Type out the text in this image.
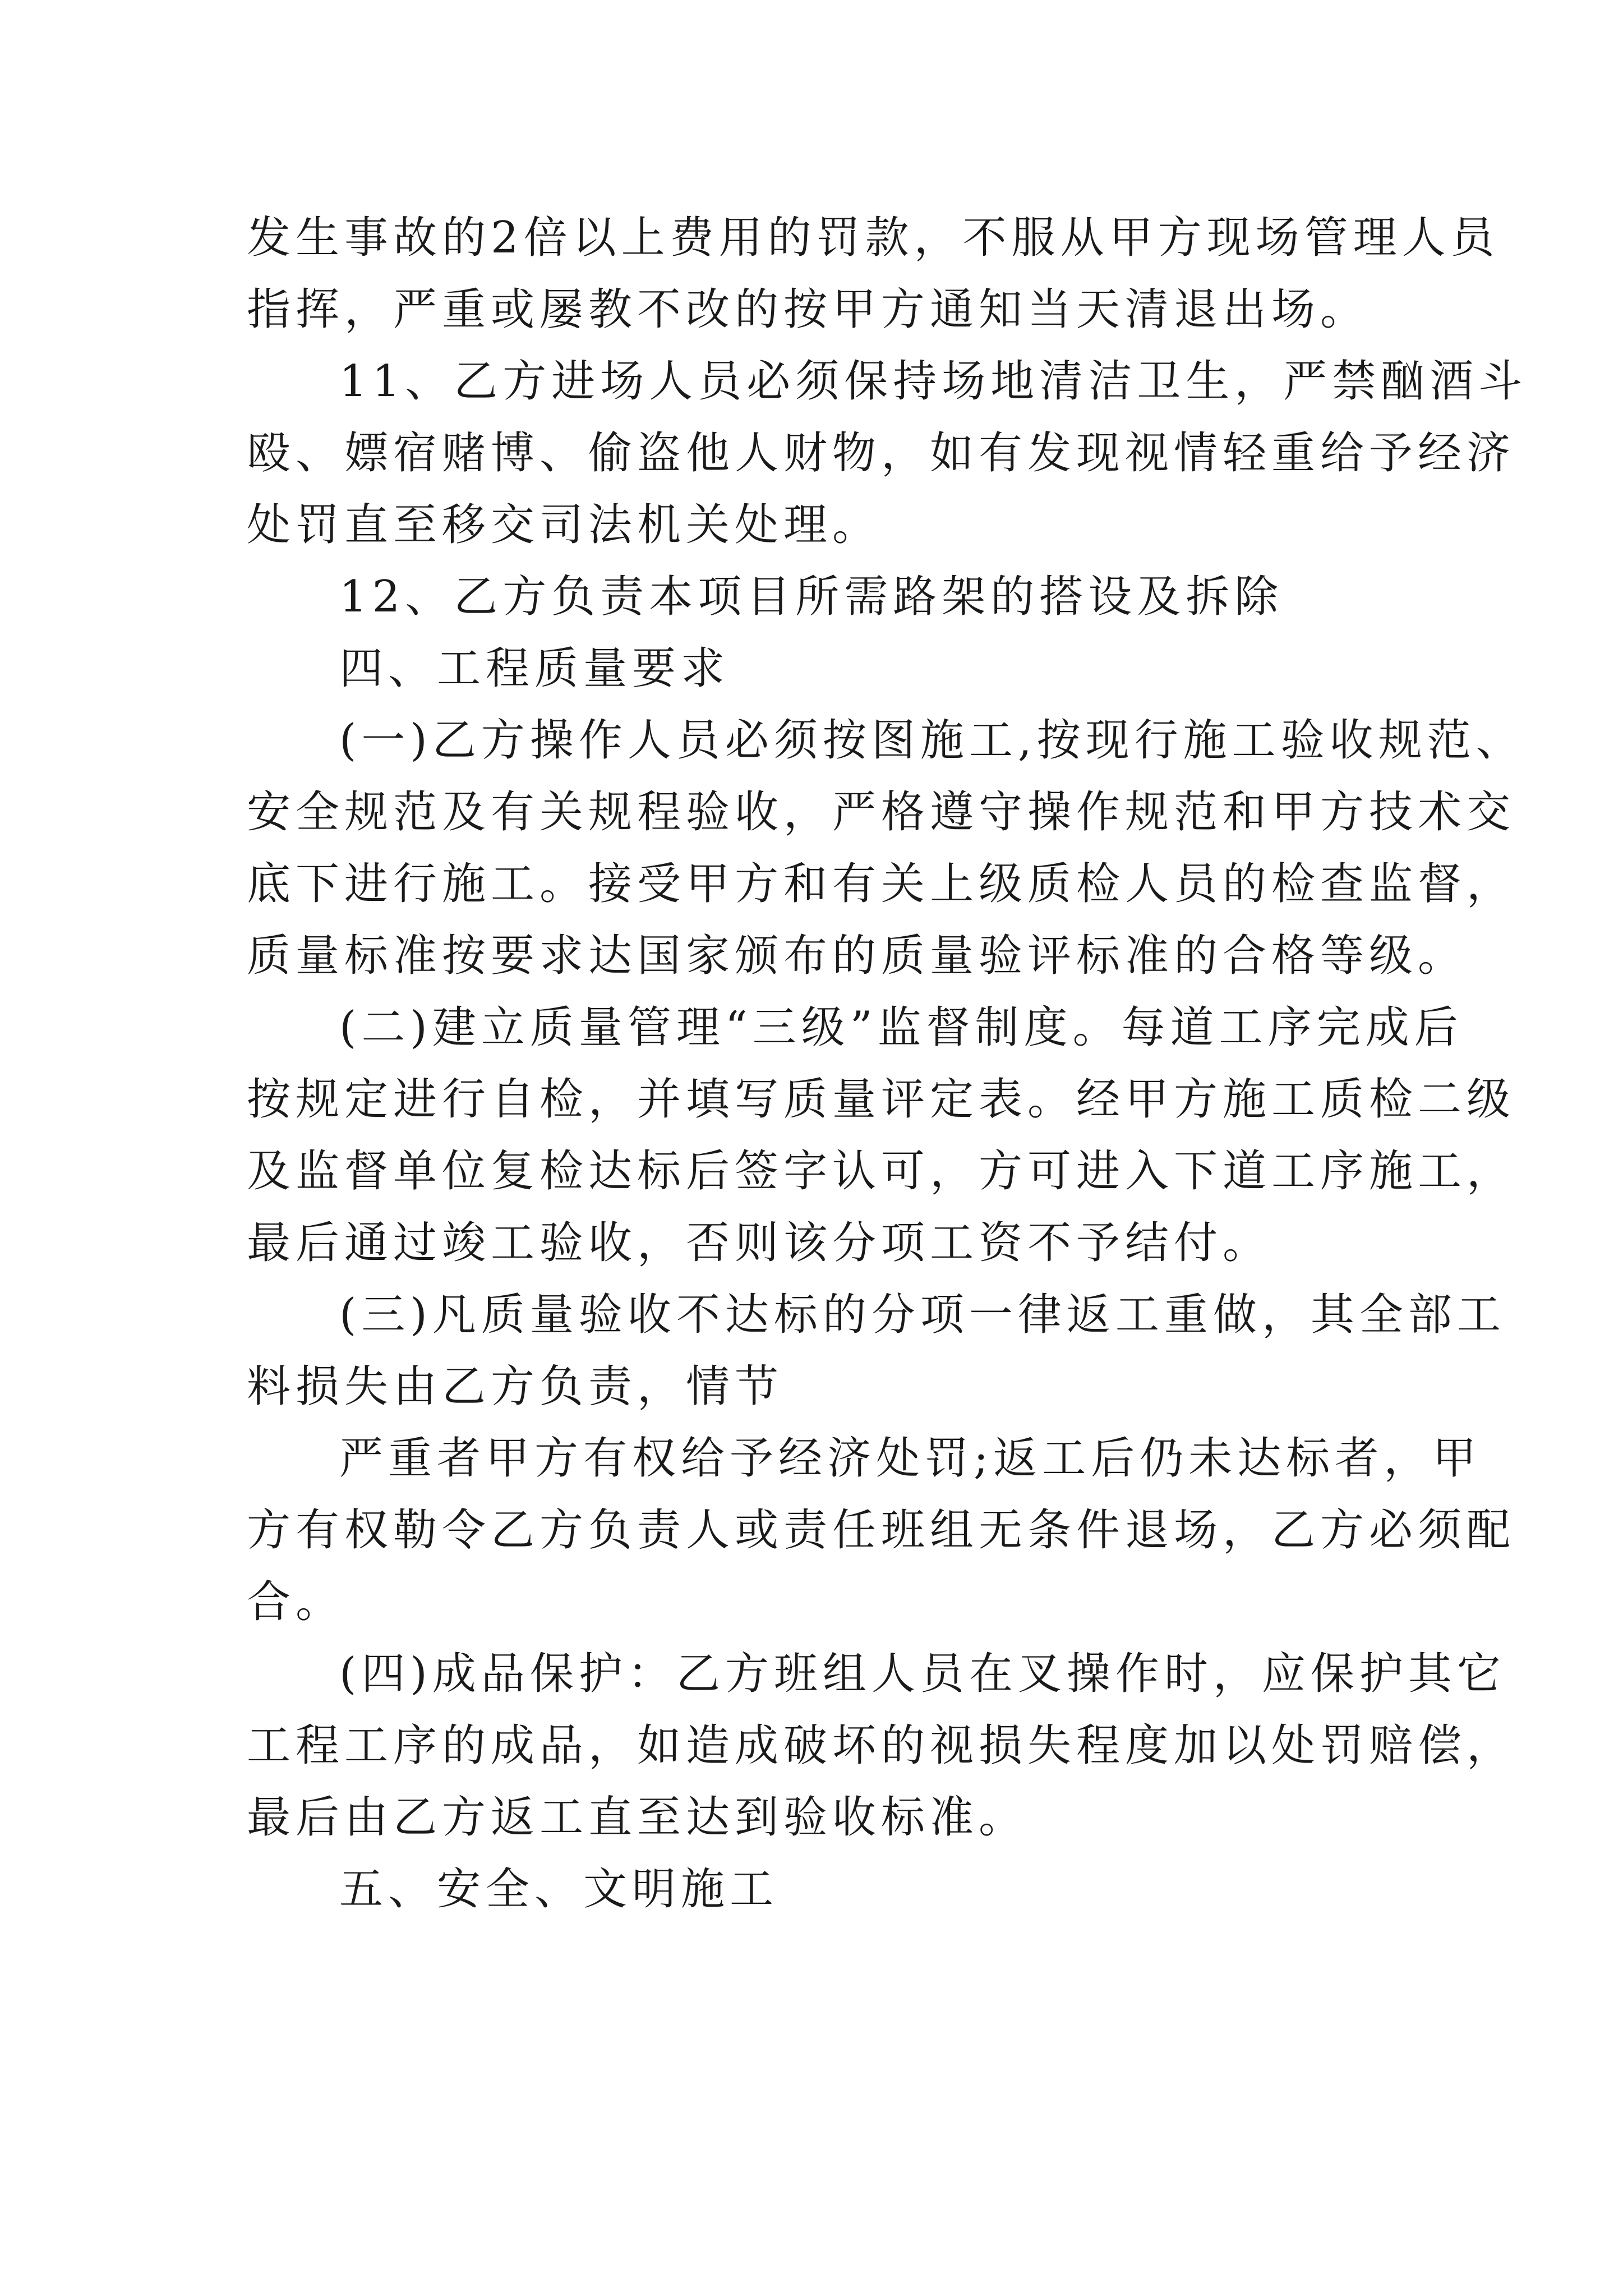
发生事故的2倍以上费用的罚款，不服从甲方现场管理人员
指挥，严重或屡教不改的按甲方通知当天清退出场。
11、乙方进场人员必须保持场地清洁卫生，严禁酗酒斗
殴、嫖宿赌博、偷盗他人财物，如有发现视情轻重给予经济
处罚直至移交司法机关处理。
12、乙方负责本项目所需路架的搭设及拆除
四、工程质量要求
(一)乙方操作人员必须按图施工,按现行施工验收规范、
安全规范及有关规程验收，严格遵守操作规范和甲方技术交
底下进行施工。接受甲方和有关上级质检人员的检查监督，
质量标准按要求达国家颁布的质量验评标准的合格等级。
(二)建立质量管理“三级”监督制度。每道工序完成后
按规定进行自检，并填写质量评定表。经甲方施工质检二级
及监督单位复检达标后签字认可，方可进入下道工序施工，
最后通过竣工验收，否则该分项工资不予结付。
(三)凡质量验收不达标的分项一律返工重做，其全部工
料损失由乙方负责，情节
严重者甲方有权给予经济处罚;返工后仍未达标者，甲
方有权勒令乙方负责人或责任班组无条件退场，乙方必须配
合。
(四)成品保护：乙方班组人员在叉操作时，应保护其它
工程工序的成品，如造成破坏的视损失程度加以处罚赔偿，
最后由乙方返工直至达到验收标准。
五、安全、文明施工
